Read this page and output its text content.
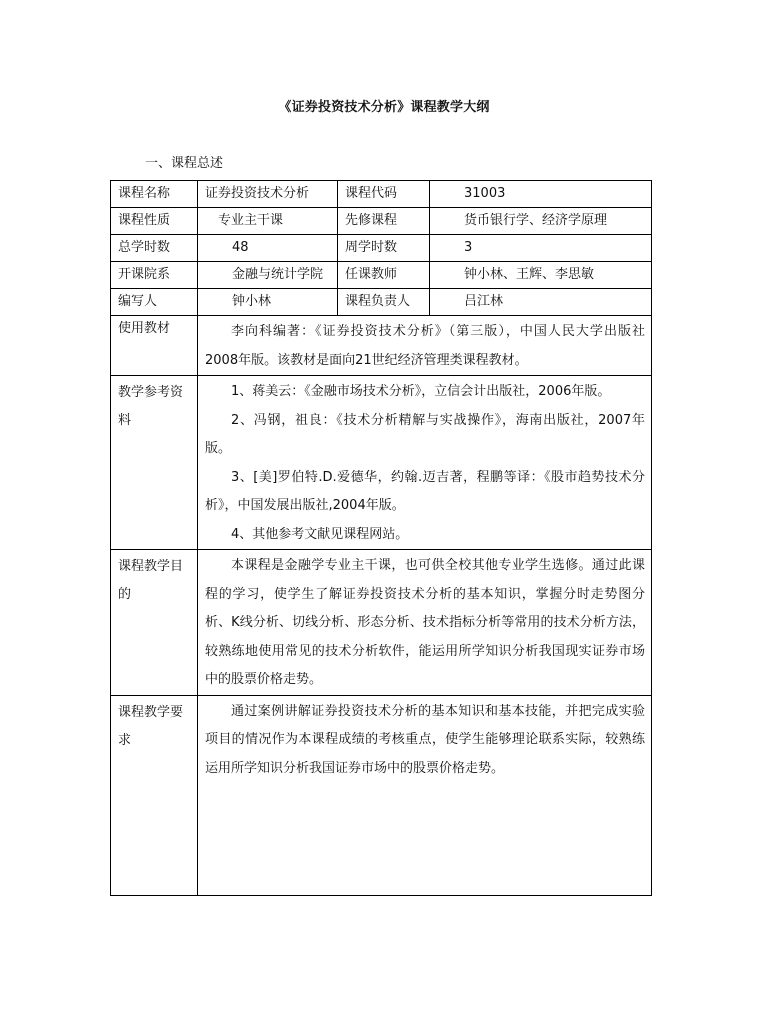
《证券投资技术分析》课程教学大纲
一、课程总述
课程名称	证券投资技术分析	课程代码	31003

课程性质	专业主干课	先修课程	货币银行学、经济学原理

总学时数	48	周学时数	3

开课院系	金融与统计学院	任课教师	钟小林、王辉、李思敏

编写人	钟小林	课程负责人	吕江林

使用教材	李向科编著：《证券投资技术分析》（第三版），中国人民大学出版社2008年版。该教材是面向21世纪经济管理类课程教材。		

教学参考资料	1、蒋美云：《金融市场技术分析》，立信会计出版社，2006年版。

2、冯钢，祖良：《技术分析精解与实战操作》，海南出版社，2007年版。

3、[美]罗伯特.D.爱德华，约翰.迈吉著，程鹏等译：《股市趋势技术分析》，中国发展出版社,2004年版。

4、其他参考文献见课程网站。		

课程教学目的	本课程是金融学专业主干课，也可供全校其他专业学生选修。通过此课程的学习，使学生了解证券投资技术分析的基本知识，掌握分时走势图分析、K线分析、切线分析、形态分析、技术指标分析等常用的技术分析方法，较熟练地使用常见的技术分析软件，能运用所学知识分析我国现实证券市场中的股票价格走势。		

课程教学要求	通过案例讲解证券投资技术分析的基本知识和基本技能，并把完成实验项目的情况作为本课程成绩的考核重点，使学生能够理论联系实际，较熟练运用所学知识分析我国证券市场中的股票价格走势。		
